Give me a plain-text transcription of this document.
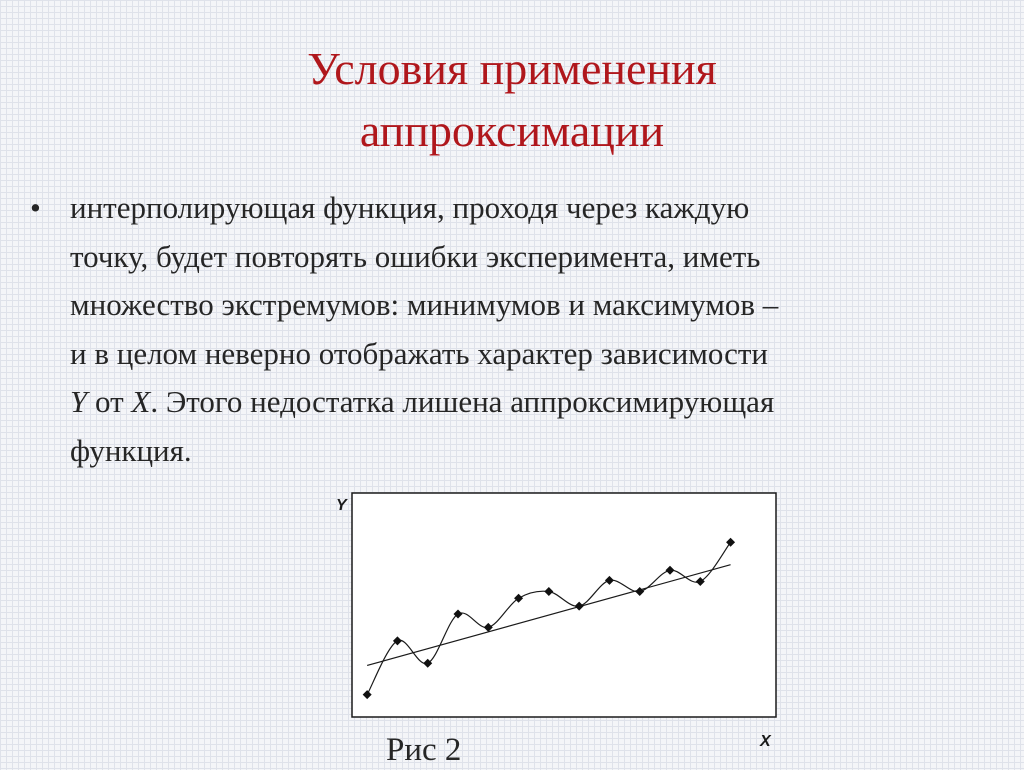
Условия применения
аппроксимации
• интерполирующая функция, проходя через каждую
точку, будет повторять ошибки эксперимента, иметь
множество экстремумов: минимумов и максимумов –
и в целом неверно отображать характер зависимости
Y от X. Этого недостатка лишена аппроксимирующая
функция.
Y
X
Рис 2
